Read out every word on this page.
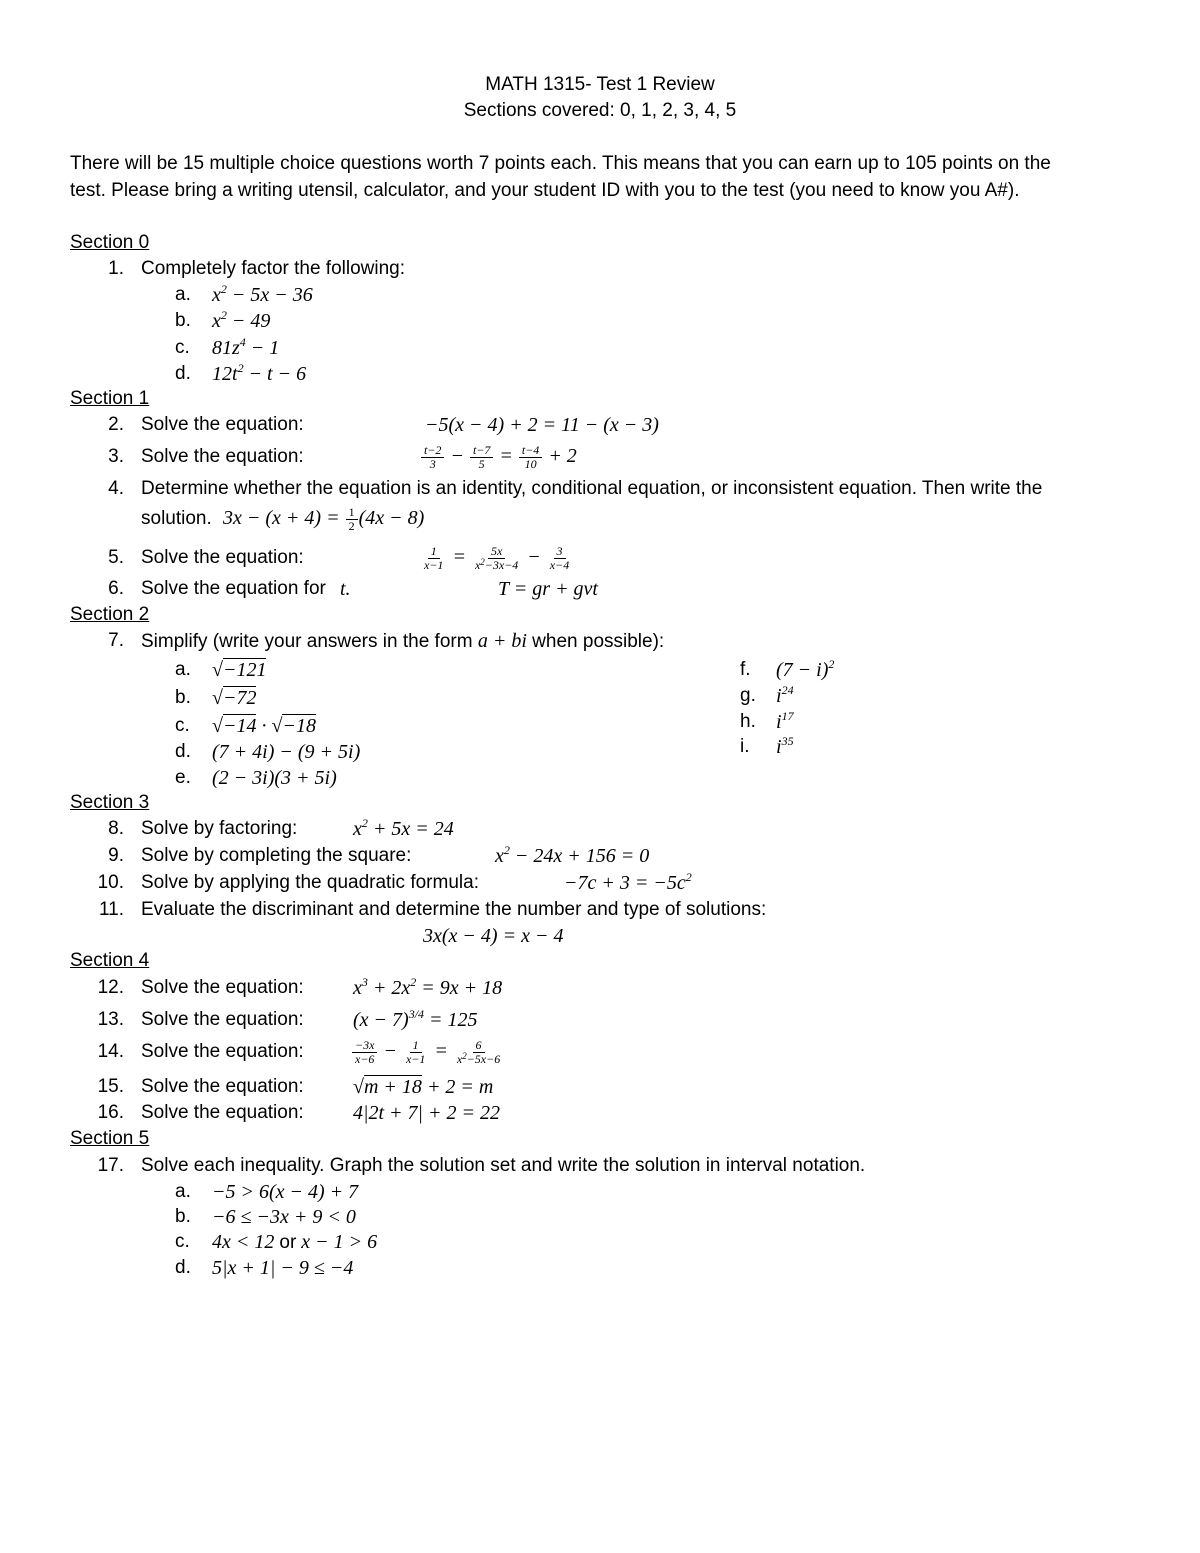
MATH 1315- Test 1 Review
Sections covered: 0, 1, 2, 3, 4, 5
There will be 15 multiple choice questions worth 7 points each. This means that you can earn up to 105 points on the
test. Please bring a writing utensil, calculator, and your student ID with you to the test (you need to know you A#).
Section 0
1. Completely factor the following:
a. $x^2 - 5x - 36$
b. $x^2 - 49$
c. $81z^4 - 1$
d. $12t^2 - t - 6$
Section 1
2. Solve the equation:	−5(x − 4) + 2 = 11 − (x − 3)
3. Solve the equation:	$\frac{t-2}{3} - \frac{t-7}{5} = \frac{t-4}{10} + 2$
4. Determine whether the equation is an identity, conditional equation, or inconsistent equation. Then write the
solution. $3x - (x + 4) = \frac{1}{2} (4x - 8)$
5. Solve the equation:	$\frac{1}{x-1} = \frac{5x}{x^2-3x-4} - \frac{3}{x-4}$
6. Solve the equation for t.	T = gr + gvt
Section 2
7. Simplify (write your answers in the form a + bi when possible):
a. √−121
b. √−72
c. √−14 · √−18
d. (7 + 4i) − (9 + 5i)
e. (2 − 3i)(3 + 5i)
f. $(7 - i)^2$
g. $i^{24}$
h. $i^{17}$
i. $i^{35}$
Section 3
8. Solve by factoring:	$x^2 + 5x = 24$
9. Solve by completing the square:	$x^2 - 24x + 156 = 0$
10. Solve by applying the quadratic formula:	$-7c + 3 = -5c^2$
11. Evaluate the discriminant and determine the number and type of solutions:
3x(x − 4) = x − 4
Section 4
12. Solve the equation: $x^3 + 2x^2 = 9x + 18$
13. Solve the equation: $(x - 7)^{3/4} = 125$
14. Solve the equation:	$\frac{-3x}{x-6} - \frac{1}{x-1} = \frac{6}{x^2-5x-6}$
15. Solve the equation: √m + 18 + 2 = m
16. Solve the equation: 4|2t + 7| + 2 = 22
Section 5
17. Solve each inequality. Graph the solution set and write the solution in interval notation.
a. −5 > 6(x − 4) + 7
b. −6 ≤ −3x + 9 < 0
c. 4x < 12 or x − 1 > 6
d. 5|x + 1| − 9 ≤ −4
